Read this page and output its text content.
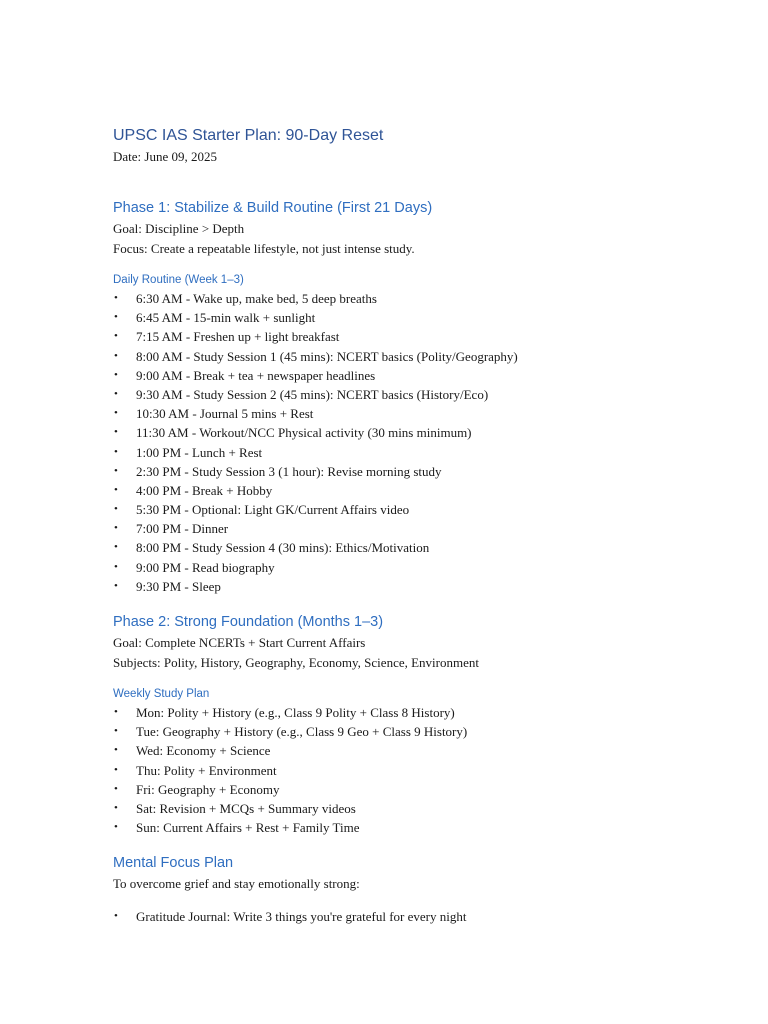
UPSC IAS Starter Plan: 90-Day Reset

Date: June 09, 2025

Phase 1: Stabilize & Build Routine (First 21 Days)

Goal: Discipline > Depth

Focus: Create a repeatable lifestyle, not just intense study.

Daily Routine (Week 1–3)
• 6:30 AM - Wake up, make bed, 5 deep breaths
• 6:45 AM - 15-min walk + sunlight
• 7:15 AM - Freshen up + light breakfast
• 8:00 AM - Study Session 1 (45 mins): NCERT basics (Polity/Geography)
• 9:00 AM - Break + tea + newspaper headlines
• 9:30 AM - Study Session 2 (45 mins): NCERT basics (History/Eco)
• 10:30 AM - Journal 5 mins + Rest
• 11:30 AM - Workout/NCC Physical activity (30 mins minimum)
• 1:00 PM - Lunch + Rest
• 2:30 PM - Study Session 3 (1 hour): Revise morning study
• 4:00 PM - Break + Hobby
• 5:30 PM - Optional: Light GK/Current Affairs video
• 7:00 PM - Dinner
• 8:00 PM - Study Session 4 (30 mins): Ethics/Motivation
• 9:00 PM - Read biography
• 9:30 PM - Sleep
Phase 2: Strong Foundation (Months 1–3)

Goal: Complete NCERTs + Start Current Affairs

Subjects: Polity, History, Geography, Economy, Science, Environment

Weekly Study Plan
• Mon: Polity + History (e.g., Class 9 Polity + Class 8 History)
• Tue: Geography + History (e.g., Class 9 Geo + Class 9 History)
• Wed: Economy + Science
• Thu: Polity + Environment
• Fri: Geography + Economy
• Sat: Revision + MCQs + Summary videos
• Sun: Current Affairs + Rest + Family Time
Mental Focus Plan

To overcome grief and stay emotionally strong:

• Gratitude Journal: Write 3 things you're grateful for every night
